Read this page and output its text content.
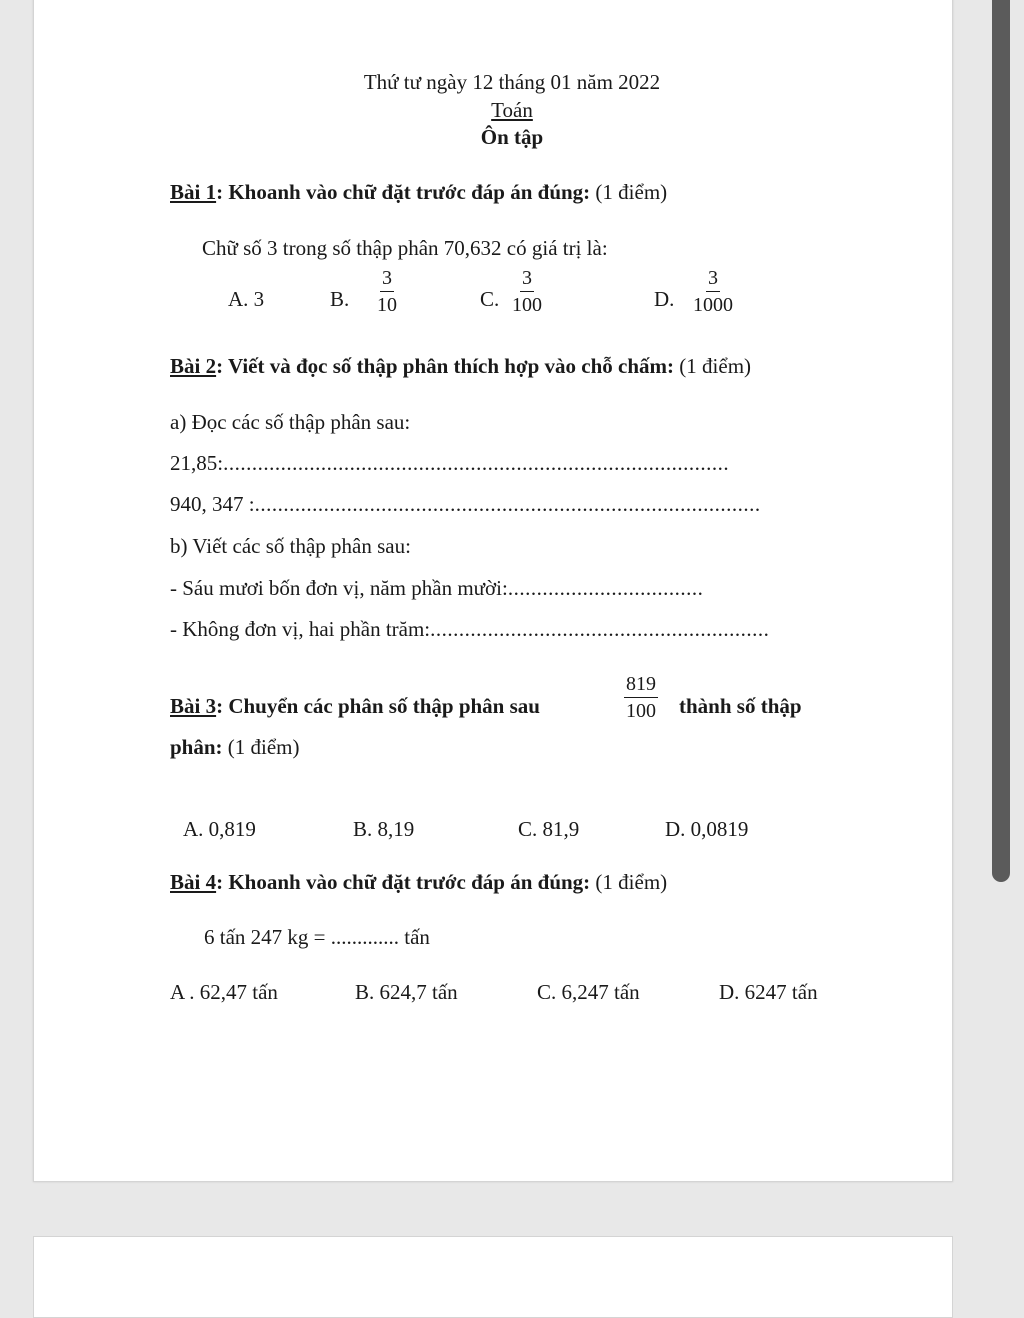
Thứ tư ngày 12 tháng 01 năm 2022
Toán
Ôn tập
Bài 1: Khoanh vào chữ đặt trước đáp án đúng: (1 điểm)
Chữ số 3 trong số thập phân 70,632 có giá trị là:
A. 3	B. $\frac{3}{10}$	C. $\frac{3}{100}$	D. $\frac{3}{1000}$
Bài 2: Viết và đọc số thập phân thích hợp vào chỗ chấm: (1 điểm)
a) Đọc các số thập phân sau:
21,85:........................................................................................
940, 347 :........................................................................................
b) Viết các số thập phân sau:
- Sáu mươi bốn đơn vị, năm phần mười:..................................
- Không đơn vị, hai phần trăm:...........................................................
Bài 3: Chuyển các phân số thập phân sau	$\frac{819}{100}$ thành số thập
phân: (1 điểm)
A. 0,819	B. 8,19	C. 81,9	D. 0,0819
Bài 4: Khoanh vào chữ đặt trước đáp án đúng: (1 điểm)
6 tấn 247 kg = ............. tấn
A . 62,47 tấn	B. 624,7 tấn	C. 6,247 tấn	D. 6247 tấn
